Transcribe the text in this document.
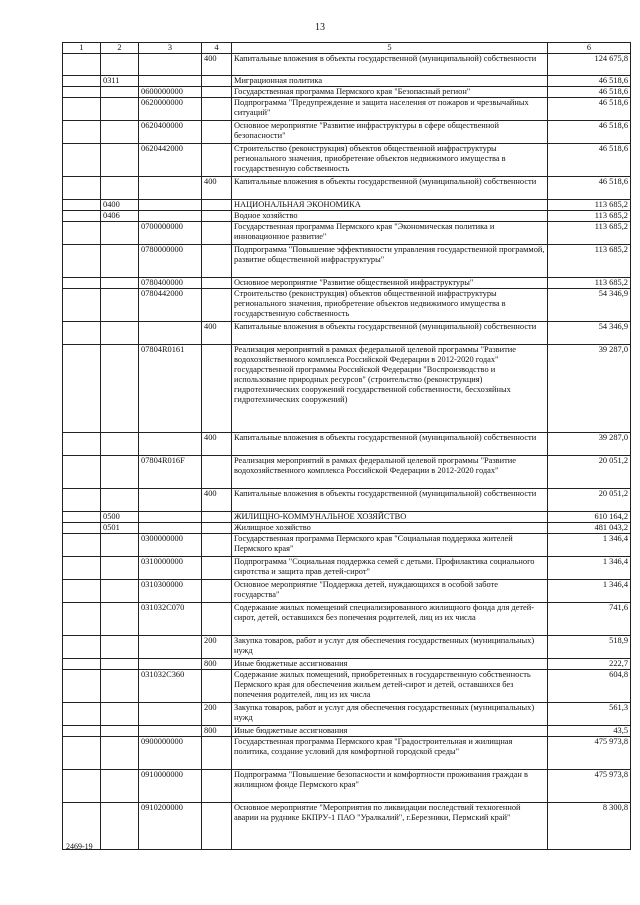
13
1	2	3	4	5	6
			400	Капитальные вложения в объекты государственной (муниципальной) собственности	124 675,8
	0311			Миграционная политика	46 518,6
		0600000000		Государственная программа Пермского края "Безопасный регион"	46 518,6
		0620000000		Подпрограмма "Предупреждение и защита населения от пожаров и чрезвычайных ситуаций"	46 518,6
		0620400000		Основное мероприятие "Развитие инфраструктуры в сфере общественной безопасности"	46 518,6
		0620442000		Строительство (реконструкция) объектов общественной инфраструктуры регионального значения, приобретение объектов недвижимого имущества в государственную собственность	46 518,6
			400	Капитальные вложения в объекты государственной (муниципальной) собственности	46 518,6
	0400			НАЦИОНАЛЬНАЯ ЭКОНОМИКА	113 685,2
	0406			Водное хозяйство	113 685,2
		0700000000		Государственная программа Пермского края "Экономическая политика и инновационное развитие"	113 685,2
		0780000000		Подпрограмма "Повышение эффективности управления государственной программой, развитие общественной инфраструктуры"	113 685,2
		0780400000		Основное мероприятие "Развитие общественной инфраструктуры"	113 685,2
		0780442000		Строительство (реконструкция) объектов общественной инфраструктуры регионального значения, приобретение объектов недвижимого имущества в государственную собственность	54 346,9
			400	Капитальные вложения в объекты государственной (муниципальной) собственности	54 346,9
		07804R0161		Реализация мероприятий в рамках федеральной целевой программы "Развитие водохозяйственного комплекса Российской Федерации в 2012-2020 годах" государственной программы Российской Федерации "Воспроизводство и использование природных ресурсов" (строительство (реконструкция) гидротехнических сооружений государственной собственности, бесхозяйных гидротехнических сооружений)	39 287,0
			400	Капитальные вложения в объекты государственной (муниципальной) собственности	39 287,0
		07804R016F		Реализация мероприятий в рамках федеральной целевой программы "Развитие водохозяйственного комплекса Российской Федерации в 2012-2020 годах"	20 051,2
			400	Капитальные вложения в объекты государственной (муниципальной) собственности	20 051,2
	0500			ЖИЛИЩНО-КОММУНАЛЬНОЕ ХОЗЯЙСТВО	610 164,2
	0501			Жилищное хозяйство	481 043,2
		0300000000		Государственная программа Пермского края "Социальная поддержка жителей Пермского края"	1 346,4
		0310000000		Подпрограмма "Социальная поддержка семей с детьми. Профилактика социального сиротства и защита прав детей-сирот"	1 346,4
		0310300000		Основное мероприятие "Поддержка детей, нуждающихся в особой заботе государства"	1 346,4
		031032С070		Содержание жилых помещений специализированного жилищного фонда для детей-сирот, детей, оставшихся без попечения родителей, лиц из их числа	741,6
			200	Закупка товаров, работ и услуг для обеспечения государственных (муниципальных) нужд	518,9
			800	Иные бюджетные ассигнования	222,7
		031032С360		Содержание жилых помещений, приобретенных в государственную собственность Пермского края для обеспечения жильем детей-сирот и детей, оставшихся без попечения родителей, лиц из их числа	604,8
			200	Закупка товаров, работ и услуг для обеспечения государственных (муниципальных) нужд	561,3
			800	Иные бюджетные ассигнования	43,5
		0900000000		Государственная программа Пермского края "Градостроительная и жилищная политика, создание условий для комфортной городской среды"	475 973,8
		0910000000		Подпрограмма "Повышение безопасности и комфортности проживания граждан в жилищном фонде Пермского края"	475 973,8
		0910200000		Основное мероприятие "Мероприятия по ликвидации последствий техногенной аварии на руднике БКПРУ-1 ПАО "Уралкалий", г.Березники, Пермский край"	8 300,8
2469-19
